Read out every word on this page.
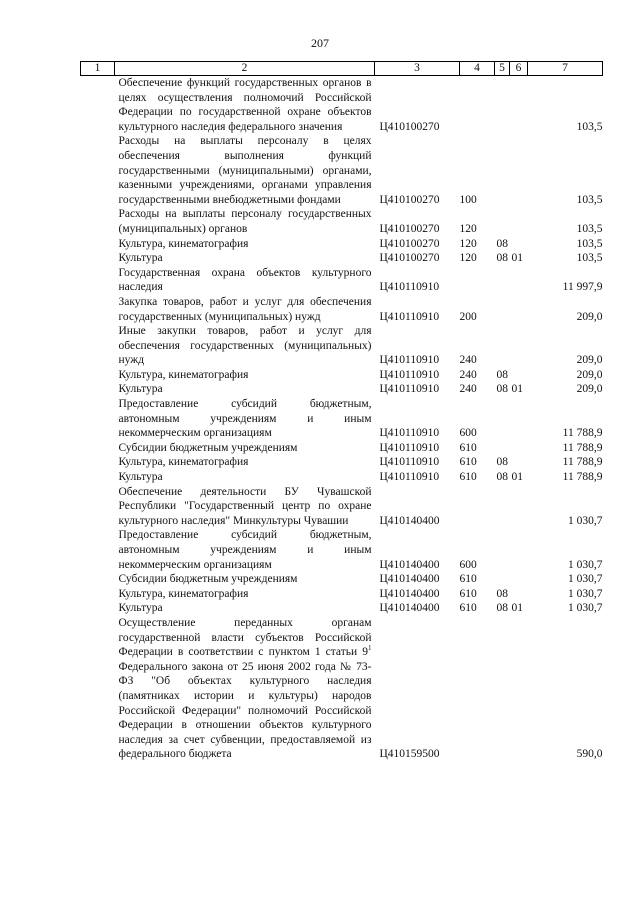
207
1	2	3	4	5	6	7
	Обеспечение функций государственных органов в целях осуществления полномочий Российской Федерации по государственной охране объектов культурного наследия федерального значения	Ц410100270				103,5
	Расходы на выплаты персоналу в целях обеспечения выполнения функций государственными (муниципальными) органами, казенными учреждениями, органами управления государственными внебюджетными фондами	Ц410100270	100			103,5
	Расходы на выплаты персоналу государственных (муниципальных) органов	Ц410100270	120			103,5
	Культура, кинематография	Ц410100270	120	08		103,5
	Культура	Ц410100270	120	08	01	103,5
	Государственная охрана объектов культурного наследия	Ц410110910				11 997,9
	Закупка товаров, работ и услуг для обеспечения государственных (муниципальных) нужд	Ц410110910	200			209,0
	Иные закупки товаров, работ и услуг для обеспечения государственных (муниципальных) нужд	Ц410110910	240			209,0
	Культура, кинематография	Ц410110910	240	08		209,0
	Культура	Ц410110910	240	08	01	209,0
	Предоставление субсидий бюджетным, автономным учреждениям и иным некоммерческим организациям	Ц410110910	600			11 788,9
	Субсидии бюджетным учреждениям	Ц410110910	610			11 788,9
	Культура, кинематография	Ц410110910	610	08		11 788,9
	Культура	Ц410110910	610	08	01	11 788,9
	Обеспечение деятельности БУ Чувашской Республики "Государственный центр по охране культурного наследия" Минкультуры Чувашии	Ц410140400				1 030,7
	Предоставление субсидий бюджетным, автономным учреждениям и иным некоммерческим организациям	Ц410140400	600			1 030,7
	Субсидии бюджетным учреждениям	Ц410140400	610			1 030,7
	Культура, кинематография	Ц410140400	610	08		1 030,7
	Культура	Ц410140400	610	08	01	1 030,7
	Осуществление переданных органам государственной власти субъектов Российской Федерации в соответствии с пунктом 1 статьи $9^1$ Федерального закона от 25 июня 2002 года № 73-ФЗ "Об объектах культурного наследия (памятниках истории и культуры) народов Российской Федерации" полномочий Российской Федерации в отношении объектов культурного наследия за счет субвенции, предоставляемой из федерального бюджета	Ц410159500				590,0
